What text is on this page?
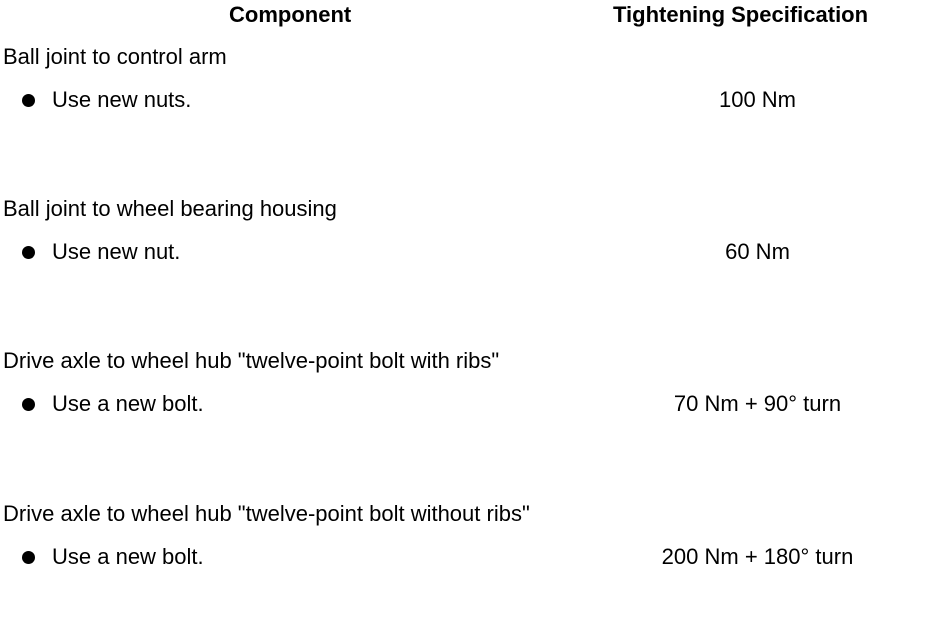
Component	Tightening Specification
Ball joint to control arm
Use new nuts.	100 Nm
Ball joint to wheel bearing housing
Use new nut.	60 Nm
Drive axle to wheel hub "twelve-point bolt with ribs"
Use a new bolt.	70 Nm + 90° turn
Drive axle to wheel hub "twelve-point bolt without ribs"
Use a new bolt.	200 Nm + 180° turn
